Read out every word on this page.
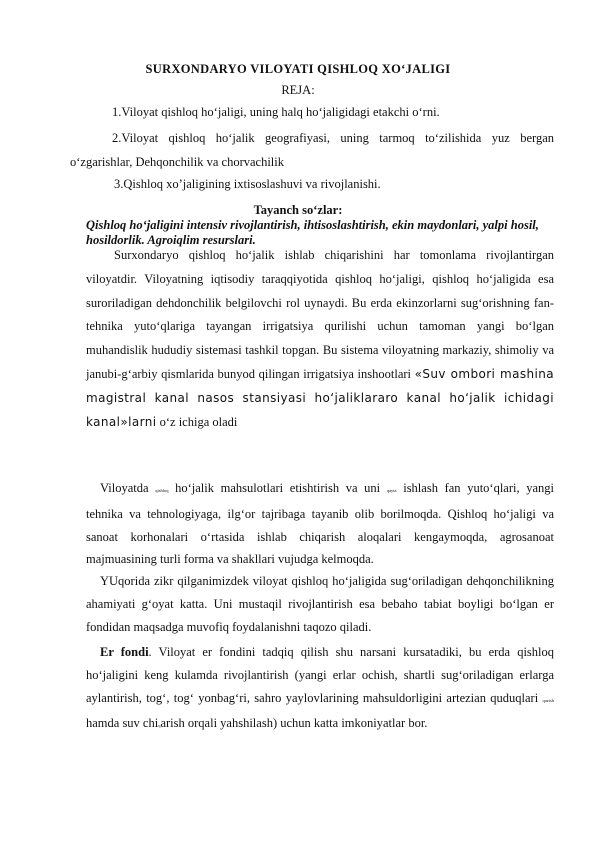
SURXONDARYO VILOYATI QISHLOQ XO‘JALIGI
REJA:
1.Viloyat qishloq ho‘jaligi, uning halq ho‘jaligidagi etakchi o‘rni.
2.Viloyat qishloq ho‘jalik geografiyasi, uning tarmoq to‘zilishida yuz bergan o‘zgarishlar, Dehqonchilik va chorvachilik
3.Qishloq xo’jaligining ixtisoslashuvi va rivojlanishi.
Tayanch so‘zlar:
Qishloq ho‘jaligini intensiv rivojlantirish, ihtisoslashtirish, ekin maydonlari, yalpi hosil, hosildorlik. Agroiqlim resurslari.
Surxondaryo qishloq ho‘jalik ishlab chiqarishini har tomonlama rivojlantirgan viloyatdir. Viloyatning iqtisodiy taraqqiyotida qishloq ho‘jaligi, qishloq ho‘jaligida esa suroriladigan dehdonchilik belgilovchi rol uynaydi. Bu erda ekinzorlarni sug‘orishning fan-tehnika yuto‘qlariga tayangan irrigatsiya qurilishi uchun tamoman yangi bo‘lgan muhandislik hududiy sistemasi tashkil topgan. Bu sistema viloyatning markaziy, shimoliy va janubi-g‘arbiy qismlarida bunyod qilingan irrigatsiya inshootlari «Suv ombori mashina magistral kanal nasos stansiyasi ho‘jaliklararo kanal ho‘jalik ichidagi kanal»larni o‘z ichiga oladi
Viloyatda qishloq ho‘jalik mahsulotlari etishtirish va uni qayta ishlash fan yuto‘qlari, yangi tehnika va tehnologiyaga, ilg‘or tajribaga tayanib olib borilmoqda. Qishloq ho‘jaligi va sanoat korhonalari o‘rtasida ishlab chiqarish aloqalari kengaymoqda, agrosanoat majmuasining turli forma va shakllari vujudga kelmoqda.
YUqorida zikr qilganimizdek viloyat qishloq ho‘jaligida sug‘oriladigan dehqonchilikning ahamiyati g‘oyat katta. Uni mustaqil rivojlantirish esa bebaho tabiat boyligi bo‘lgan er fondidan maqsadga muvofiq foydalanishni taqozo qiladi.
Er fondi. Viloyat er fondini tadqiq qilish shu narsani kursatadiki, bu erda qishloq ho‘jaligini keng kulamda rivojlantirish (yangi erlar ochish, shartli sug‘oriladigan erlarga aylantirish, tog‘, tog‘ yonbag‘ri, sahro yaylovlarining mahsuldorligini artezian quduqlari qazish hamda suv chiqarish orqali yahshilash) uchun katta imkoniyatlar bor.
